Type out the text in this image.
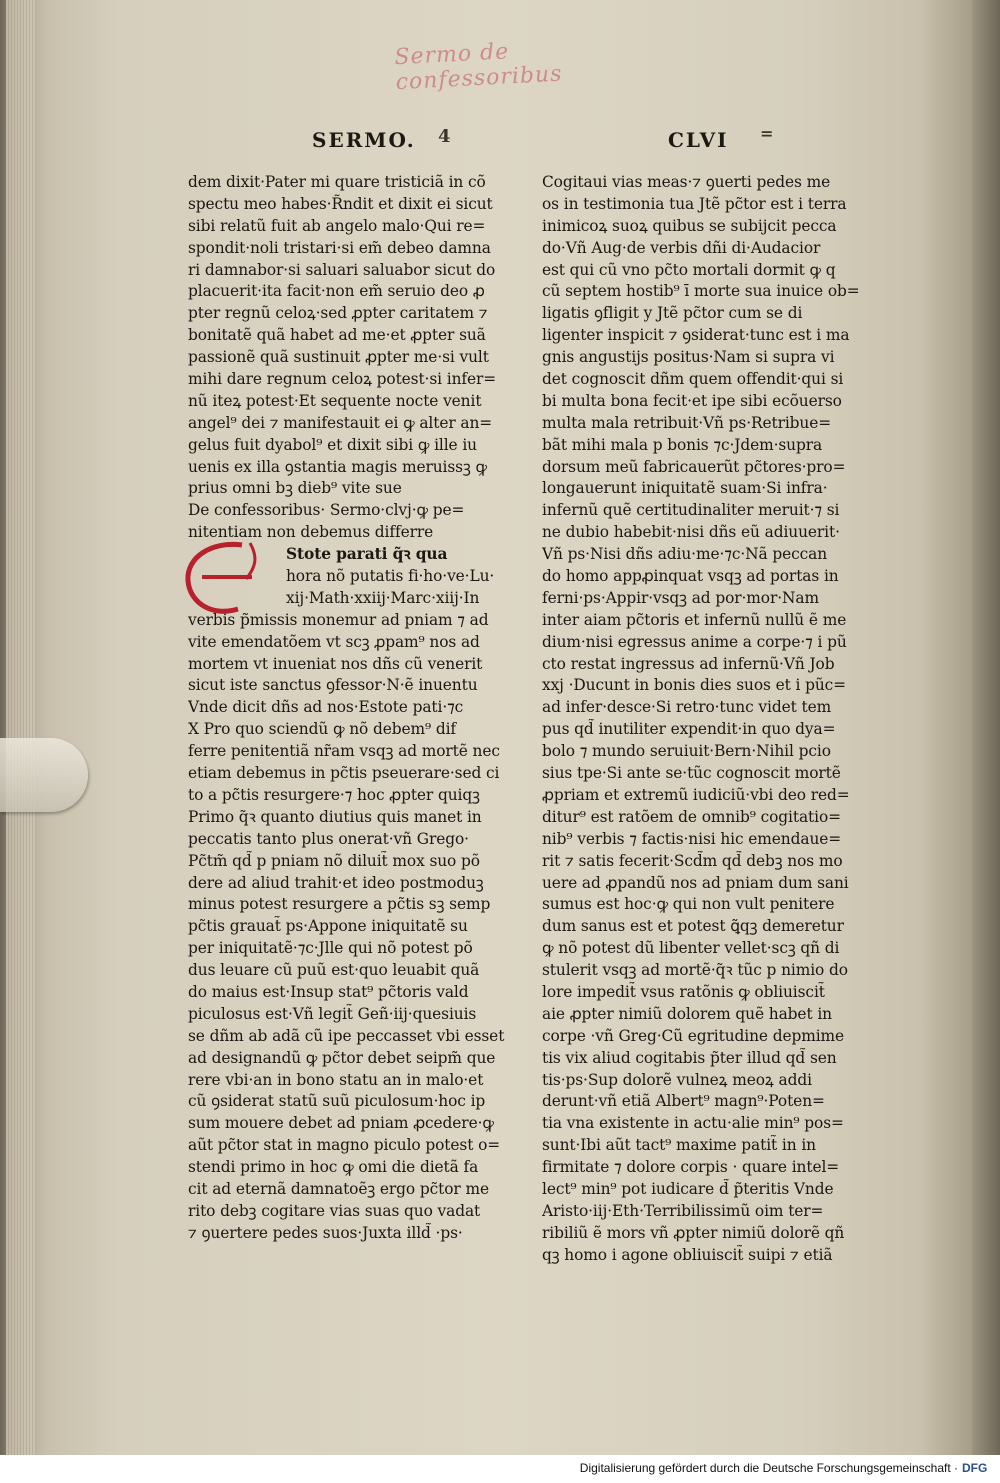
Sermo de confessoribus
SERMO. 4	CLVI =
dem dixit·Pater mi quare tristiciã in cõ
spectu meo habes·R̃ndit et dixit ei sicut
sibi relatũ fuit ab angelo malo·Qui re=
spondit·noli tristari·si em̃ debeo damna
ri damnabor·si saluari saluabor sicut do
placuerit·ita facit·non em̃ seruio deo ꝓ
pter regnũ celoꝝ·sed ꝓpter caritatem ⁊
bonitatẽ quã habet ad me·et ꝓpter suã
passionẽ quã sustinuit ꝓpter me·si vult
mihi dare regnum celoꝝ potest·si infer=
nũ iteꝝ potest·Et sequente nocte venit
angel⁹ dei ⁊ manifestauit ei ꝙ alter an=
gelus fuit dyabol⁹ et dixit sibi ꝙ ille iu
uenis ex illa ꝯstantia magis meruissꝫ ꝙ
prius omni bꝫ dieb⁹ vite sue
De confessoribus· Sermo·clvj·ꝙ pe=
nitentiam non debemus differre
Stote parati q̃ꝛ qua
hora nõ putatis fi·ho·ve·Lu·
xij·Math·xxiij·Marc·xiij·In
verbis p̃missis monemur ad pniam ⁊ ad
vite emendatõem vt scꝫ ꝓpam⁹ nos ad
mortem vt inueniat nos dñs cũ venerit
sicut iste sanctus ꝯfessor·N·ẽ inuentu
Vnde dicit dñs ad nos·Estote pati·⁊c
X Pro quo sciendũ ꝙ nõ debem⁹ dif
ferre penitentiã nr̃am vsqꝫ ad mortẽ nec
etiam debemus in pc̃tis pseuerare·sed ci
to a pc̃tis resurgere·⁊ hoc ꝓpter quiqꝫ
Primo q̃ꝛ quanto diutius quis manet in
peccatis tanto plus onerat·vñ Grego·
Pc̃tm̃ qd̃ p pniam nõ diluit̃ mox suo põ
dere ad aliud trahit·et ideo postmoduꝫ
minus potest resurgere a pc̃tis sꝫ semp
pc̃tis grauat̃ ps·Appone iniquitatẽ su
per iniquitatẽ·⁊c·Jlle qui nõ potest põ
dus leuare cũ puũ est·quo leuabit quã
do maius est·Insup stat⁹ pc̃toris vald
piculosus est·Vñ legit̃ Geñ·iij·quesiuis
se dñm ab adã cũ ipe peccasset vbi esset
ad designandũ ꝙ pc̃tor debet seipm̃ que
rere vbi·an in bono statu an in malo·et
cũ ꝯsiderat statũ suũ piculosum·hoc ip
sum mouere debet ad pniam ꝓcedere·ꝙ
aũt pc̃tor stat in magno piculo potest o=
stendi primo in hoc ꝙ omi die dietã fa
cit ad eternã damnatoẽꝫ ergo pc̃tor me
rito debꝫ cogitare vias suas quo vadat
⁊ ꝯuertere pedes suos·Juxta illd̃ ·ps·
Cogitaui vias meas·⁊ ꝯuerti pedes me
os in testimonia tua Jtẽ pc̃tor est i terra
inimicoꝝ suoꝝ quibus se subijcit pecca
do·Vñ Aug·de verbis dñi di·Audacior
est qui cũ vno pc̃to mortali dormit ꝙ q
cũ septem hostib⁹ ī morte sua inuice ob=
ligatis ꝯfligit y Jtẽ pc̃tor cum se di
ligenter inspicit ⁊ ꝯsiderat·tunc est i ma
gnis angustijs positus·Nam si supra vi
det cognoscit dñm quem offendit·qui si
bi multa bona fecit·et ipe sibi ecõuerso
multa mala retribuit·Vñ ps·Retribue=
bãt mihi mala p bonis ⁊c·Jdem·supra
dorsum meũ fabricauerũt pc̃tores·pro=
longauerunt iniquitatẽ suam·Si infra·
infernũ quẽ certitudinaliter meruit·⁊ si
ne dubio habebit·nisi dñs eũ adiuuerit·
Vñ ps·Nisi dñs adiu·me·⁊c·Nã peccan
do homo appꝓinquat vsqꝫ ad portas in
ferni·ps·Appir·vsqꝫ ad por·mor·Nam
inter aiam pc̃toris et infernũ nullũ ẽ me
dium·nisi egressus anime a corpe·⁊ i pũ
cto restat ingressus ad infernũ·Vñ Job
xxj ·Ducunt in bonis dies suos et i pũc=
ad infer·desce·Si retro·tunc videt tem
pus qd̃ inutiliter expendit·in quo dya=
bolo ⁊ mundo seruiuit·Bern·Nihil pcio
sius tpe·Si ante se·tũc cognoscit mortẽ
ꝓpriam et extremũ iudiciũ·vbi deo red=
ditur⁹ est ratõem de omnib⁹ cogitatio=
nib⁹ verbis ⁊ factis·nisi hic emendaue=
rit ⁊ satis fecerit·Scd̃m qd̃ debꝫ nos mo
uere ad ꝓpandũ nos ad pniam dum sani
sumus est hoc·ꝙ qui non vult penitere
dum sanus est et potest ꝗ̃qꝫ demeretur
ꝙ nõ potest dũ libenter vellet·scꝫ qñ di
stulerit vsqꝫ ad mortẽ·q̃ꝛ tũc p nimio do
lore impedit̃ vsus ratõnis ꝙ obliuiscit̃
aie ꝓpter nimiũ dolorem quẽ habet in
corpe ·vñ Greg·Cũ egritudine depmime
tis vix aliud cogitabis p̃ter illud qd̃ sen
tis·ps·Sup dolorẽ vulneꝝ meoꝝ addi
derunt·vñ etiã Albert⁹ magn⁹·Poten=
tia vna existente in actu·alie min⁹ pos=
sunt·Ibi aũt tact⁹ maxime patit̃ in in
firmitate ⁊ dolore corpis · quare intel=
lect⁹ min⁹ pot iudicare d̃ p̃teritis Vnde
Aristo·iij·Eth·Terribilissimũ oim ter=
ribiliũ ẽ mors vñ ꝓpter nimiũ dolorẽ qñ
qꝫ homo i agone obliuiscit̃ suipi̇ ⁊ etiã
Digitalisierung gefördert durch die Deutsche Forschungsgemeinschaft · DFG
